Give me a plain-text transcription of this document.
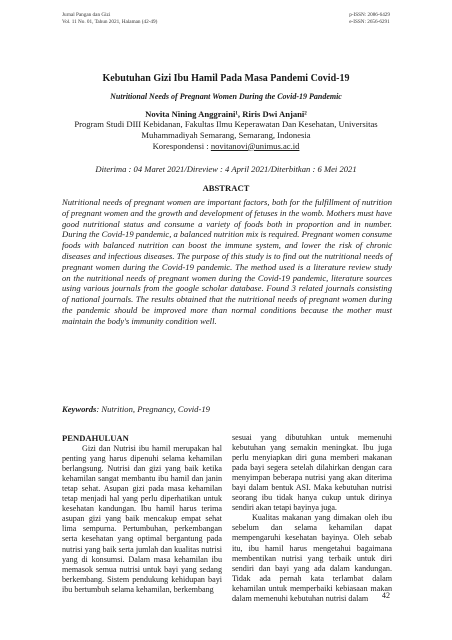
Jurnal Pangan dan Gizi
Vol. 11 No. 01, Tahun 2021, Halaman (42-49)
p-ISSN: 2086-6429
e-ISSN: 2656-6291
Kebutuhan Gizi Ibu Hamil Pada Masa Pandemi Covid-19
Nutritional Needs of Pregnant Women During the Covid-19 Pandemic
Novita Nining Anggraini¹, Riris Dwi Anjani²
Program Studi DIII Kebidanan, Fakultas Ilmu Keperawatan Dan Kesehatan, Universitas
Muhammadiyah Semarang, Semarang, Indonesia
Korespondensi : novitanovi@unimus.ac.id
Diterima : 04 Maret 2021/Direview : 4 April 2021/Diterbitkan : 6 Mei 2021
ABSTRACT
Nutritional needs of pregnant women are important factors, both for the fulfillment of nutrition of pregnant women and the growth and development of fetuses in the womb. Mothers must have good nutritional status and consume a variety of foods both in proportion and in number. During the Covid-19 pandemic, a balanced nutrition mix is required. Pregnant women consume foods with balanced nutrition can boost the immune system, and lower the risk of chronic diseases and infectious diseases. The purpose of this study is to find out the nutritional needs of pregnant women during the Covid-19 pandemic. The method used is a literature review study on the nutritional needs of pregnant women during the Covid-19 pandemic, literature sources using various journals from the google scholar database. Found 3 related journals consisting of national journals. The results obtained that the nutritional needs of pregnant women during the pandemic should be improved more than normal conditions because the mother must maintain the body's immunity condition well.
Keywords: Nutrition, Pregnancy, Covid-19
PENDAHULUAN

Gizi dan Nutrisi ibu hamil merupakan hal penting yang harus dipenuhi selama kehamilan berlangsung. Nutrisi dan gizi yang baik ketika kehamilan sangat membantu ibu hamil dan janin tetap sehat. Asupan gizi pada masa kehamilan tetap menjadi hal yang perlu diperhatikan untuk kesehatan kandungan. Ibu hamil harus terima asupan gizi yang baik mencakup empat sehat lima sempurna. Pertumbuhan, perkembangan serta kesehatan yang optimal bergantung pada nutrisi yang baik serta jumlah dan kualitas nutrisi yang di konsumsi. Dalam masa kehamilan ibu memasok semua nutrisi untuk bayi yang sedang berkembang. Sistem pendukung kehidupan bayi ibu bertumbuh selama kehamilan, berkembang

sesuai yang dibutuhkan untuk memenuhi kebutuhan yang semakin meningkat. Ibu juga perlu menyiapkan diri guna memberi makanan pada bayi segera setelah dilahirkan dengan cara menyimpan beberapa nutrisi yang akan diterima bayi dalam bentuk ASI. Maka kebutuhan nutrisi seorang ibu tidak hanya cukup untuk dirinya sendiri akan tetapi bayinya juga.

Kualitas makanan yang dimakan oleh ibu sebelum dan selama kehamilan dapat mempengaruhi kesehatan bayinya. Oleh sebab itu, ibu hamil harus mengetahui bagaimana membentikan nutrisi yang terbaik untuk diri sendiri dan bayi yang ada dalam kandungan. Tidak ada pernah kata terlambat dalam kehamilan untuk memperbaiki kebiasaan makan dalam memenuhi kebutuhan nutrisi dalam	42
